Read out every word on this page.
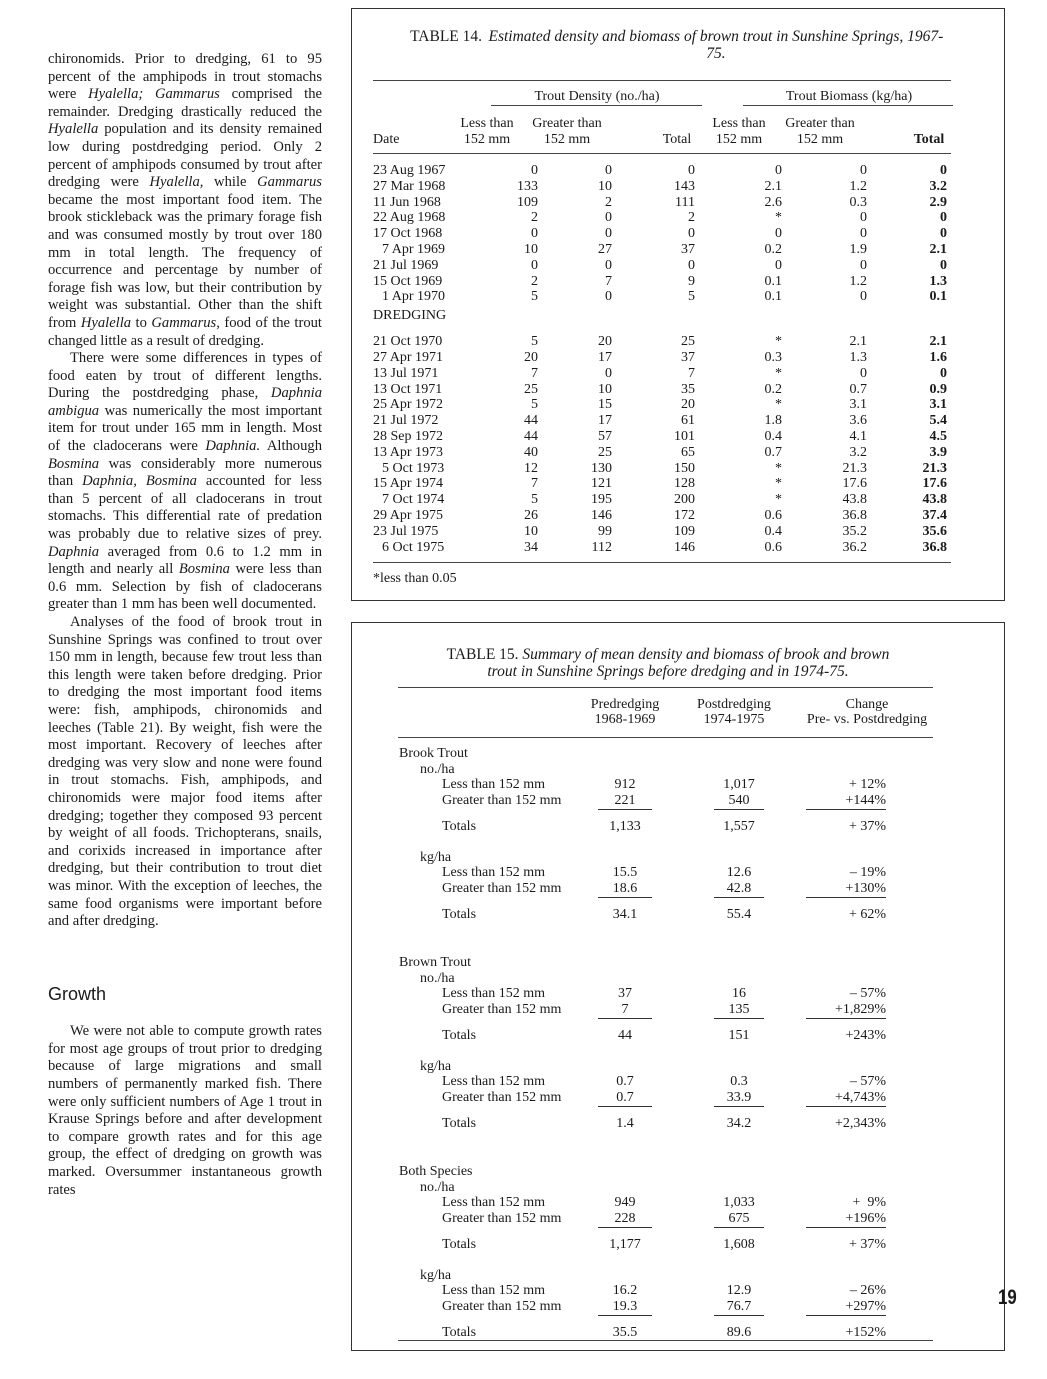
chironomids. Prior to dredging, 61 to 95 percent of the amphipods in trout stomachs were Hyalella; Gammarus comprised the remainder. Dredging drastically reduced the Hyalella population and its density remained low during postdredging period. Only 2 percent of amphipods consumed by trout after dredging were Hyalella, while Gammarus became the most important food item. The brook stickleback was the primary forage fish and was consumed mostly by trout over 180 mm in total length. The frequency of occurrence and percentage by number of forage fish was low, but their contribution by weight was substantial. Other than the shift from Hyalella to Gammarus, food of the trout changed little as a result of dredging.

There were some differences in types of food eaten by trout of different lengths. During the postdredging phase, Daphnia ambigua was numerically the most important item for trout under 165 mm in length. Most of the cladocerans were Daphnia. Although Bosmina was considerably more numerous than Daphnia, Bosmina accounted for less than 5 percent of all cladocerans in trout stomachs. This differential rate of predation was probably due to relative sizes of prey. Daphnia averaged from 0.6 to 1.2 mm in length and nearly all Bosmina were less than 0.6 mm. Selection by fish of cladocerans greater than 1 mm has been well documented.

Analyses of the food of brook trout in Sunshine Springs was confined to trout over 150 mm in length, because few trout less than this length were taken before dredging. Prior to dredging the most important food items were: fish, amphipods, chironomids and leeches (Table 21). By weight, fish were the most important. Recovery of leeches after dredging was very slow and none were found in trout stomachs. Fish, amphipods, and chironomids were major food items after dredging; together they composed 93 percent by weight of all foods. Trichopterans, snails, and corixids increased in importance after dredging, but their contribution to trout diet was minor. With the exception of leeches, the same food organisms were important before and after dredging.

Growth

We were not able to compute growth rates for most age groups of trout prior to dredging because of large migrations and small numbers of permanently marked fish. There were only sufficient numbers of Age 1 trout in Krause Springs before and after development to compare growth rates and for this age group, the effect of dredging on growth was marked. Oversummer instantaneous growth rates

TABLE 14. Estimated density and biomass of brown trout in Sunshine Springs, 1967-75.
Trout Density (no./ha)	Trout Biomass (kg/ha)
Date
Less than
152 mm
Greater than
152 mm
Less than
152 mm
Greater than
152 mm
Total	Total
23 Aug 1967	0	0	0	0	0	0
27 Mar 1968	133	10	143	2.1	1.2	3.2
11 Jun 1968	109	2	111	2.6	0.3	2.9
22 Aug 1968	2	0	2	*	0	0
17 Oct 1968	0	0	0	0	0	0
7 Apr 1969	10	27	37	0.2	1.9	2.1
21 Jul 1969	0	0	0	0	0	0
15 Oct 1969	2	7	9	0.1	1.2	1.3
1 Apr 1970	5	0	5	0.1	0	0.1
DREDGING
21 Oct 1970	5	20	25	*	2.1	2.1
27 Apr 1971	20	17	37	0.3	1.3	1.6
13 Jul 1971	7	0	7	*	0	0
13 Oct 1971	25	10	35	0.2	0.7	0.9
25 Apr 1972	5	15	20	*	3.1	3.1
21 Jul 1972	44	17	61	1.8	3.6	5.4
28 Sep 1972	44	57	101	0.4	4.1	4.5
13 Apr 1973	40	25	65	0.7	3.2	3.9
5 Oct 1973	12	130	150	*	21.3	21.3
15 Apr 1974	7	121	128	*	17.6	17.6
7 Oct 1974	5	195	200	*	43.8	43.8
29 Apr 1975	26	146	172	0.6	36.8	37.4
23 Jul 1975	10	99	109	0.4	35.2	35.6
6 Oct 1975	34	112	146	0.6	36.2	36.8
*less than 0.05
TABLE 15. Summary of mean density and biomass of brook and brown
trout in Sunshine Springs before dredging and in 1974-75.
Predredging
1968-1969
Postdredging
1974-1975
Change
Pre- vs. Postdredging
Brook Trout
no./ha
Less than 152 mm	912	1,017	+ 12%
Greater than 152 mm	221	540	+144%
Totals	1,133	1,557	+ 37%
kg/ha
Less than 152 mm	15.5	12.6	– 19%
Greater than 152 mm	18.6	42.8	+130%
Totals	34.1	55.4	+ 62%
Brown Trout
no./ha
Less than 152 mm	37	16	– 57%
Greater than 152 mm	7	135	+1,829%
Totals	44	151	+243%
kg/ha
Less than 152 mm	0.7	0.3	– 57%
Greater than 152 mm	0.7	33.9	+4,743%
Totals	1.4	34.2	+2,343%
Both Species
no./ha
Less than 152 mm	949	1,033	+  9%
Greater than 152 mm	228	675	+196%
Totals	1,177	1,608	+ 37%
kg/ha
Less than 152 mm	16.2	12.9	– 26%
Greater than 152 mm	19.3	76.7	+297%
Totals	35.5	89.6	+152%
19
